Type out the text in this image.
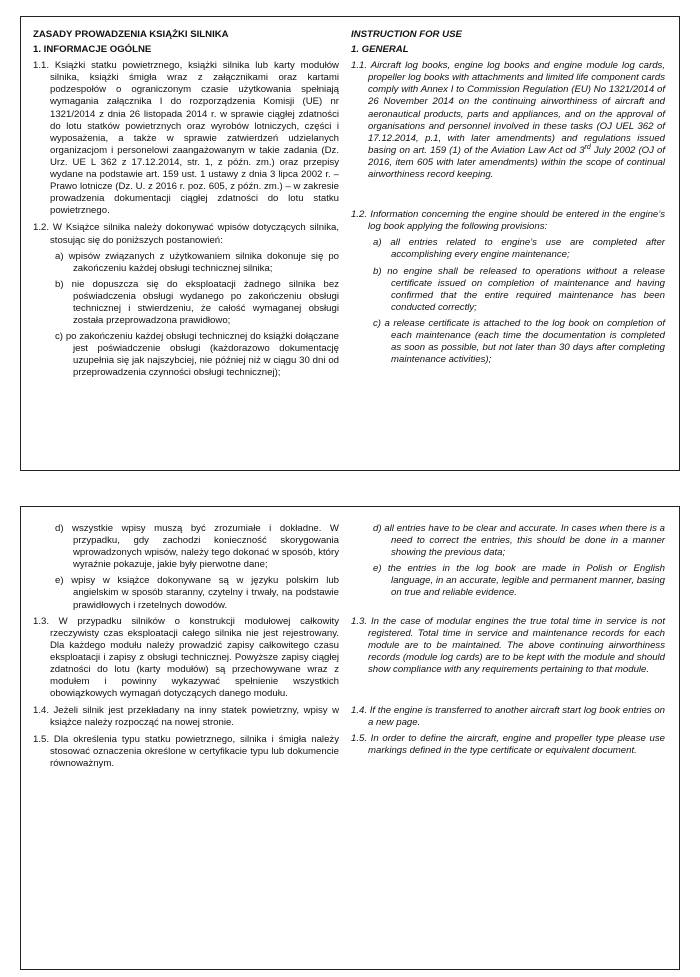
ZASADY PROWADZENIA KSIĄŻKI SILNIKA

1. INFORMACJE OGÓLNE

1.1. Książki statku powietrznego, książki silnika lub karty modułów silnika, książki śmigła wraz z załącznikami oraz kartami podzespołów o ograniczonym czasie użytkowania spełniają wymagania załącznika I do rozporządzenia Komisji (UE) nr 1321/2014 z dnia 26 listopada 2014 r. w sprawie ciągłej zdatności do lotu statków powietrznych oraz wyrobów lotniczych, części i wyposażenia, a także w sprawie zatwierdzeń udzielanych organizacjom i personelowi zaangażowanym w takie zadania (Dz. Urz. UE L 362 z 17.12.2014, str. 1, z późn. zm.) oraz przepisy wydane na podstawie art. 159 ust. 1 ustawy z dnia 3 lipca 2002 r. – Prawo lotnicze (Dz. U. z 2016 r. poz. 605, z późn. zm.) – w zakresie prowadzenia dokumentacji ciągłej zdatności do lotu statku powietrznego.

1.2. W Książce silnika należy dokonywać wpisów dotyczących silnika, stosując się do poniższych postanowień:

a) wpisów związanych z użytkowaniem silnika dokonuje się po zakończeniu każdej obsługi technicznej silnika;

b) nie dopuszcza się do eksploatacji żadnego silnika bez poświadczenia obsługi wydanego po zakończeniu obsługi technicznej i stwierdzeniu, że całość wymaganej obsługi została przeprowadzona prawidłowo;

c) po zakończeniu każdej obsługi technicznej do książki dołączane jest poświadczenie obsługi (każdorazowo dokumentację uzupełnia się jak najszybciej, nie później niż w ciągu 30 dni od przeprowadzenia czynności obsługi technicznej);

INSTRUCTION FOR USE

1. GENERAL

1.1. Aircraft log books, engine log books and engine module log cards, propeller log books with attachments and limited life component cards comply with Annex I to Commission Regulation (EU) No 1321/2014 of 26 November 2014 on the continuing airworthiness of aircraft and aeronautical products, parts and appliances, and on the approval of organisations and personnel involved in these tasks (OJ UEL 362 of 17.12.2014, p.1, with later amendments) and regulations issued basing on art. 159 (1) of the Aviation Law Act od 3rd July 2002 (OJ of 2016, item 605 with later amendments) within the scope of continual airworthiness record keeping.

1.2. Information concerning the engine should be entered in the engine’s log book applying the following provisions:

a) all entries related to engine’s use are completed after accomplishing every engine maintenance;

b) no engine shall be released to operations without a release certificate issued on completion of maintenance and having confirmed that the entire required maintenance has been conducted correctly;

c) a release certificate is attached to the log book on completion of each maintenance (each time the documentation is completed as soon as possible, but not later than 30 days after completing maintenance activities);

d) wszystkie wpisy muszą być zrozumiałe i dokładne. W przypadku, gdy zachodzi konieczność skorygowania wprowadzonych wpisów, należy tego dokonać w sposób, który wyraźnie pokazuje, jakie były pierwotne dane;

e) wpisy w książce dokonywane są w języku polskim lub angielskim w sposób staranny, czytelny i trwały, na podstawie prawidłowych i rzetelnych dowodów.

1.3. W przypadku silników o konstrukcji modułowej całkowity rzeczywisty czas eksploatacji całego silnika nie jest rejestrowany. Dla każdego modułu należy prowadzić zapisy całkowitego czasu eksploatacji i zapisy z obsługi technicznej. Powyższe zapisy ciągłej zdatności do lotu (karty modułów) są przechowywane wraz z modułem i powinny wykazywać spełnienie wszystkich obowiązkowych wymagań dotyczących danego modułu.

1.4. Jeżeli silnik jest przekładany na inny statek powietrzny, wpisy w książce należy rozpocząć na nowej stronie.

1.5. Dla określenia typu statku powietrznego, silnika i śmigła należy stosować oznaczenia określone w certyfikacie typu lub dokumencie równoważnym.

d) all entries have to be clear and accurate. In cases when there is a need to correct the entries, this should be done in a manner showing the previous data;

e) the entries in the log book are made in Polish or English language, in an accurate, legible and permanent manner, basing on true and reliable evidence.

1.3. In the case of modular engines the true total time in service is not registered. Total time in service and maintenance records for each module are to be maintained. The above continuing airworthiness records (module log cards) are to be kept with the module and should show compliance with any requirements pertaining to that module.

1.4. If the engine is transferred to another aircraft start log book entries on a new page.

1.5. In order to define the aircraft, engine and propeller type please use markings defined in the type certificate or equivalent document.
